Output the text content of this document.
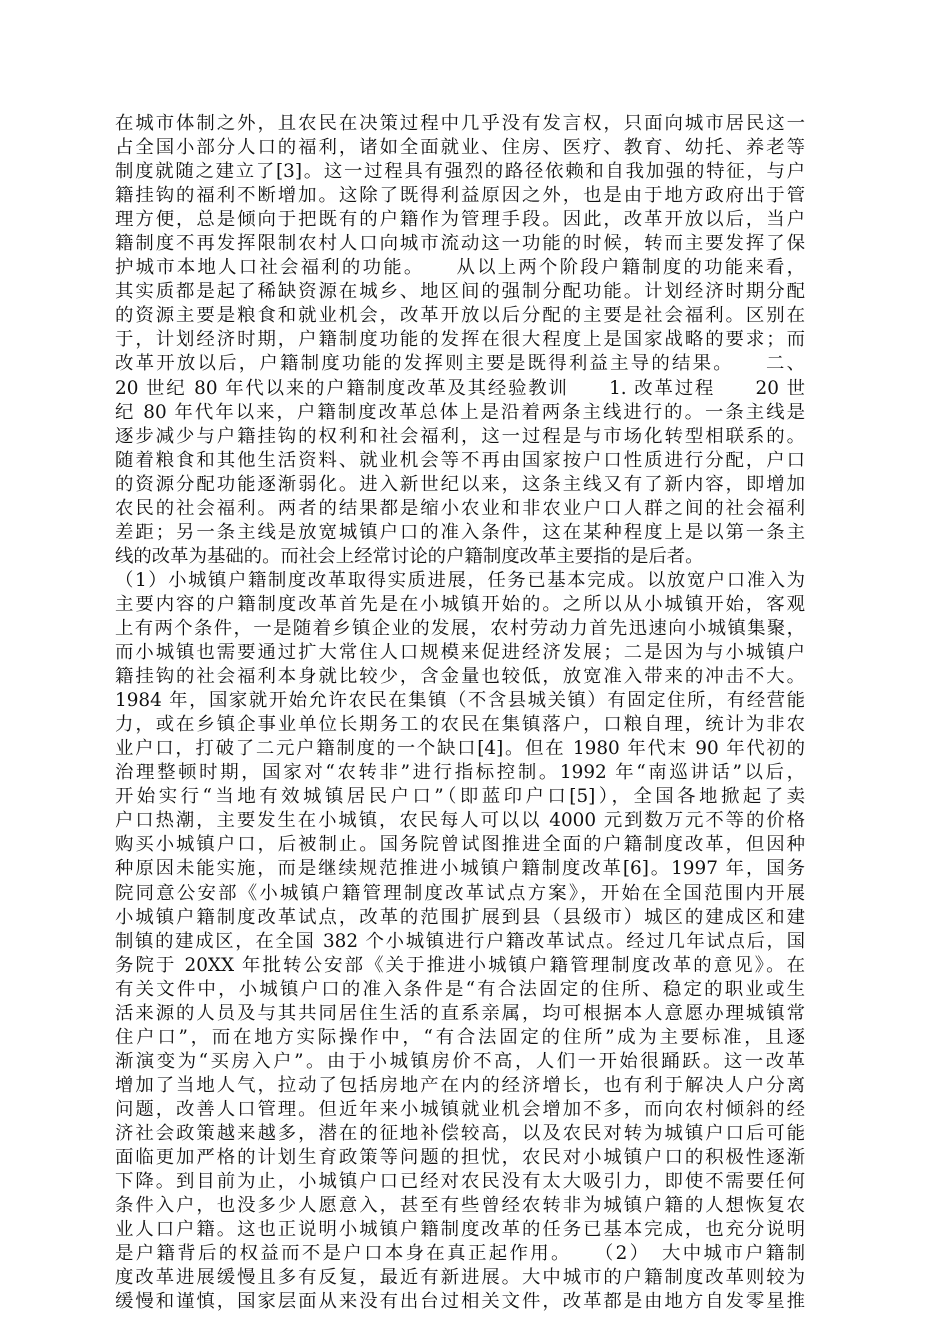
在城市体制之外，且农民在决策过程中几乎没有发言权，只面向城市居民这一
占全国小部分人口的福利，诸如全面就业、住房、医疗、教育、幼托、养老等
制度就随之建立了[3]。这一过程具有强烈的路径依赖和自我加强的特征，与户
籍挂钩的福利不断增加。这除了既得利益原因之外，也是由于地方政府出于管
理方便，总是倾向于把既有的户籍作为管理手段。因此，改革开放以后，当户
籍制度不再发挥限制农村人口向城市流动这一功能的时候，转而主要发挥了保
护城市本地人口社会福利的功能。　　从以上两个阶段户籍制度的功能来看，
其实质都是起了稀缺资源在城乡、地区间的强制分配功能。计划经济时期分配
的资源主要是粮食和就业机会，改革开放以后分配的主要是社会福利。区别在
于，计划经济时期，户籍制度功能的发挥在很大程度上是国家战略的要求；而
改革开放以后，户籍制度功能的发挥则主要是既得利益主导的结果。　　二、
20 世纪 80 年代以来的户籍制度改革及其经验教训　　1. 改革过程　　20 世
纪 80 年代年以来，户籍制度改革总体上是沿着两条主线进行的。一条主线是
逐步减少与户籍挂钩的权利和社会福利，这一过程是与市场化转型相联系的。
随着粮食和其他生活资料、就业机会等不再由国家按户口性质进行分配，户口
的资源分配功能逐渐弱化。进入新世纪以来，这条主线又有了新内容，即增加
农民的社会福利。两者的结果都是缩小农业和非农业户口人群之间的社会福利
差距；另一条主线是放宽城镇户口的准入条件，这在某种程度上是以第一条主
线的改革为基础的。而社会上经常讨论的户籍制度改革主要指的是后者。
（1）小城镇户籍制度改革取得实质进展，任务已基本完成。以放宽户口准入为
主要内容的户籍制度改革首先是在小城镇开始的。之所以从小城镇开始，客观
上有两个条件，一是随着乡镇企业的发展，农村劳动力首先迅速向小城镇集聚，
而小城镇也需要通过扩大常住人口规模来促进经济发展；二是因为与小城镇户
籍挂钩的社会福利本身就比较少，含金量也较低，放宽准入带来的冲击不大。
1984 年，国家就开始允许农民在集镇（不含县城关镇）有固定住所，有经营能
力，或在乡镇企事业单位长期务工的农民在集镇落户，口粮自理，统计为非农
业户口，打破了二元户籍制度的一个缺口[4]。但在 1980 年代末 90 年代初的
治理整顿时期，国家对“农转非”进行指标控制。1992 年“南巡讲话”以后，
开始实行“当地有效城镇居民户口”（即蓝印户口[5]），全国各地掀起了卖
户口热潮，主要发生在小城镇，农民每人可以以 4000 元到数万元不等的价格
购买小城镇户口，后被制止。国务院曾试图推进全面的户籍制度改革，但因种
种原因未能实施，而是继续规范推进小城镇户籍制度改革[6]。1997 年，国务
院同意公安部《小城镇户籍管理制度改革试点方案》，开始在全国范围内开展
小城镇户籍制度改革试点，改革的范围扩展到县（县级市）城区的建成区和建
制镇的建成区，在全国 382 个小城镇进行户籍改革试点。经过几年试点后，国
务院于 20XX 年批转公安部《关于推进小城镇户籍管理制度改革的意见》。在
有关文件中，小城镇户口的准入条件是“有合法固定的住所、稳定的职业或生
活来源的人员及与其共同居住生活的直系亲属，均可根据本人意愿办理城镇常
住户口”，而在地方实际操作中，“有合法固定的住所”成为主要标准，且逐
渐演变为“买房入户”。由于小城镇房价不高，人们一开始很踊跃。这一改革
增加了当地人气，拉动了包括房地产在内的经济增长，也有利于解决人户分离
问题，改善人口管理。但近年来小城镇就业机会增加不多，而向农村倾斜的经
济社会政策越来越多，潜在的征地补偿较高，以及农民对转为城镇户口后可能
面临更加严格的计划生育政策等问题的担忧，农民对小城镇户口的积极性逐渐
下降。到目前为止，小城镇户口已经对农民没有太大吸引力，即使不需要任何
条件入户，也没多少人愿意入，甚至有些曾经农转非为城镇户籍的人想恢复农
业人口户籍。这也正说明小城镇户籍制度改革的任务已基本完成，也充分说明
是户籍背后的权益而不是户口本身在真正起作用。　　（2）　大中城市户籍制
度改革进展缓慢且多有反复，最近有新进展。大中城市的户籍制度改革则较为
缓慢和谨慎，国家层面从来没有出台过相关文件，改革都是由地方自发零星推
